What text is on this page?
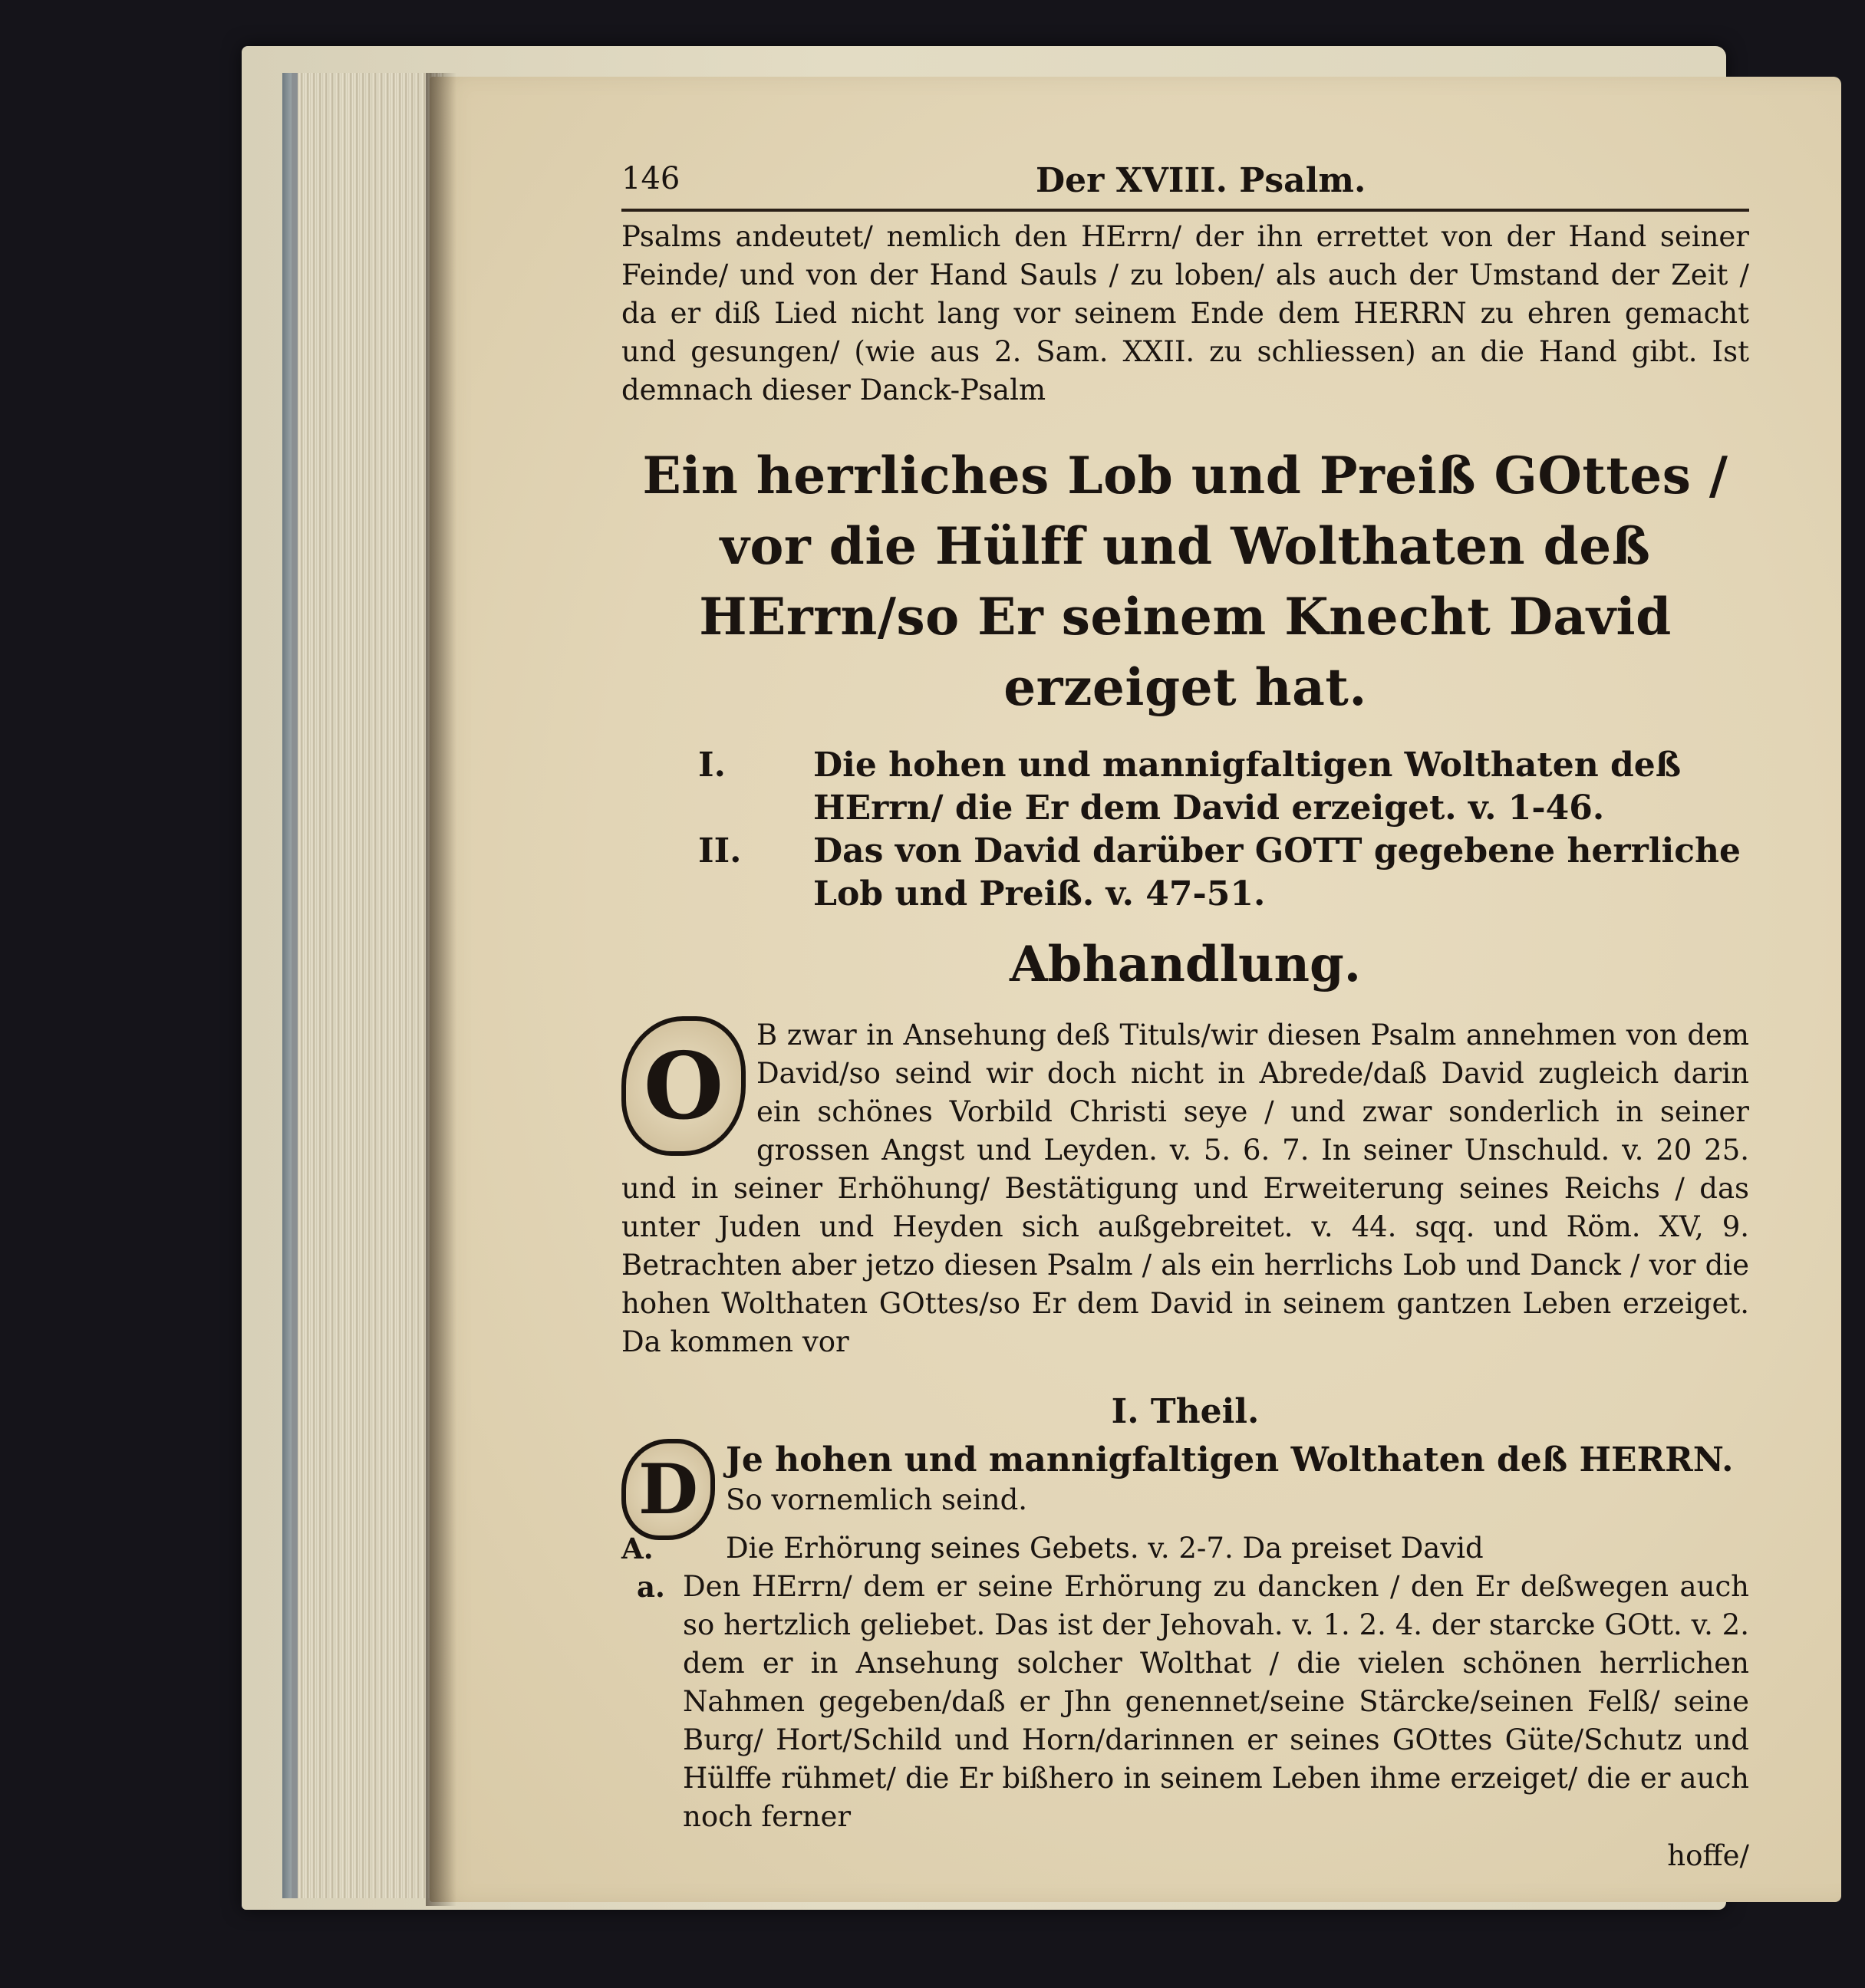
146	Der XVIII. Psalm.

Psalms andeutet/ nemlich den HErrn/ der ihn errettet von der Hand seiner Feinde/ und von der Hand Sauls / zu loben/ als auch der Umstand der Zeit / da er diß Lied nicht lang vor seinem Ende dem HERRN zu ehren gemacht und gesungen/ (wie aus 2. Sam. XXII. zu schliessen) an die Hand gibt. Ist demnach dieser Danck-Psalm

Ein herrliches Lob und Preiß GOttes / vor die Hülff und Wolthaten deß HErrn/so Er seinem Knecht David erzeiget hat.
I.	Die hohen und mannigfaltigen Wolthaten deß HErrn/ die Er dem David erzeiget. v. 1-46.
II.	Das von David darüber GOTT gegebene herrliche Lob und Preiß. v. 47-51.
Abhandlung.
O	B zwar in Ansehung deß Tituls/wir diesen Psalm annehmen von dem David/so seind wir doch nicht in Abrede/daß David zugleich darin ein schönes Vorbild Christi seye / und zwar sonderlich in seiner grossen Angst und Leyden. v. 5. 6. 7. In seiner Unschuld. v. 20 25. und in seiner Erhöhung/ Bestätigung und Erweiterung seines Reichs / das unter Juden und Heyden sich außgebreitet. v. 44. sqq. und Röm. XV, 9. Betrachten aber jetzo diesen Psalm / als ein herrlichs Lob und Danck / vor die hohen Wolthaten GOttes/so Er dem David in seinem gantzen Leben erzeiget. Da kommen vor

I. Theil.
D Je hohen und mannigfaltigen Wolthaten deß HERRN.
So vornemlich seind.
A.	Die Erhörung seines Gebets. v. 2-7. Da preiset David
a. Den HErrn/ dem er seine Erhörung zu dancken / den Er deßwegen auch so hertzlich geliebet. Das ist der Jehovah. v. 1. 2. 4. der starcke GOtt. v. 2. dem er in Ansehung solcher Wolthat / die vielen schönen herrlichen Nahmen gegeben/daß er Jhn genennet/seine Stärcke/seinen Felß/ seine Burg/ Hort/Schild und Horn/darinnen er seines GOttes Güte/Schutz und Hülffe rühmet/ die Er bißhero in seinem Leben ihme erzeiget/ die er auch noch ferner
hoffe/
